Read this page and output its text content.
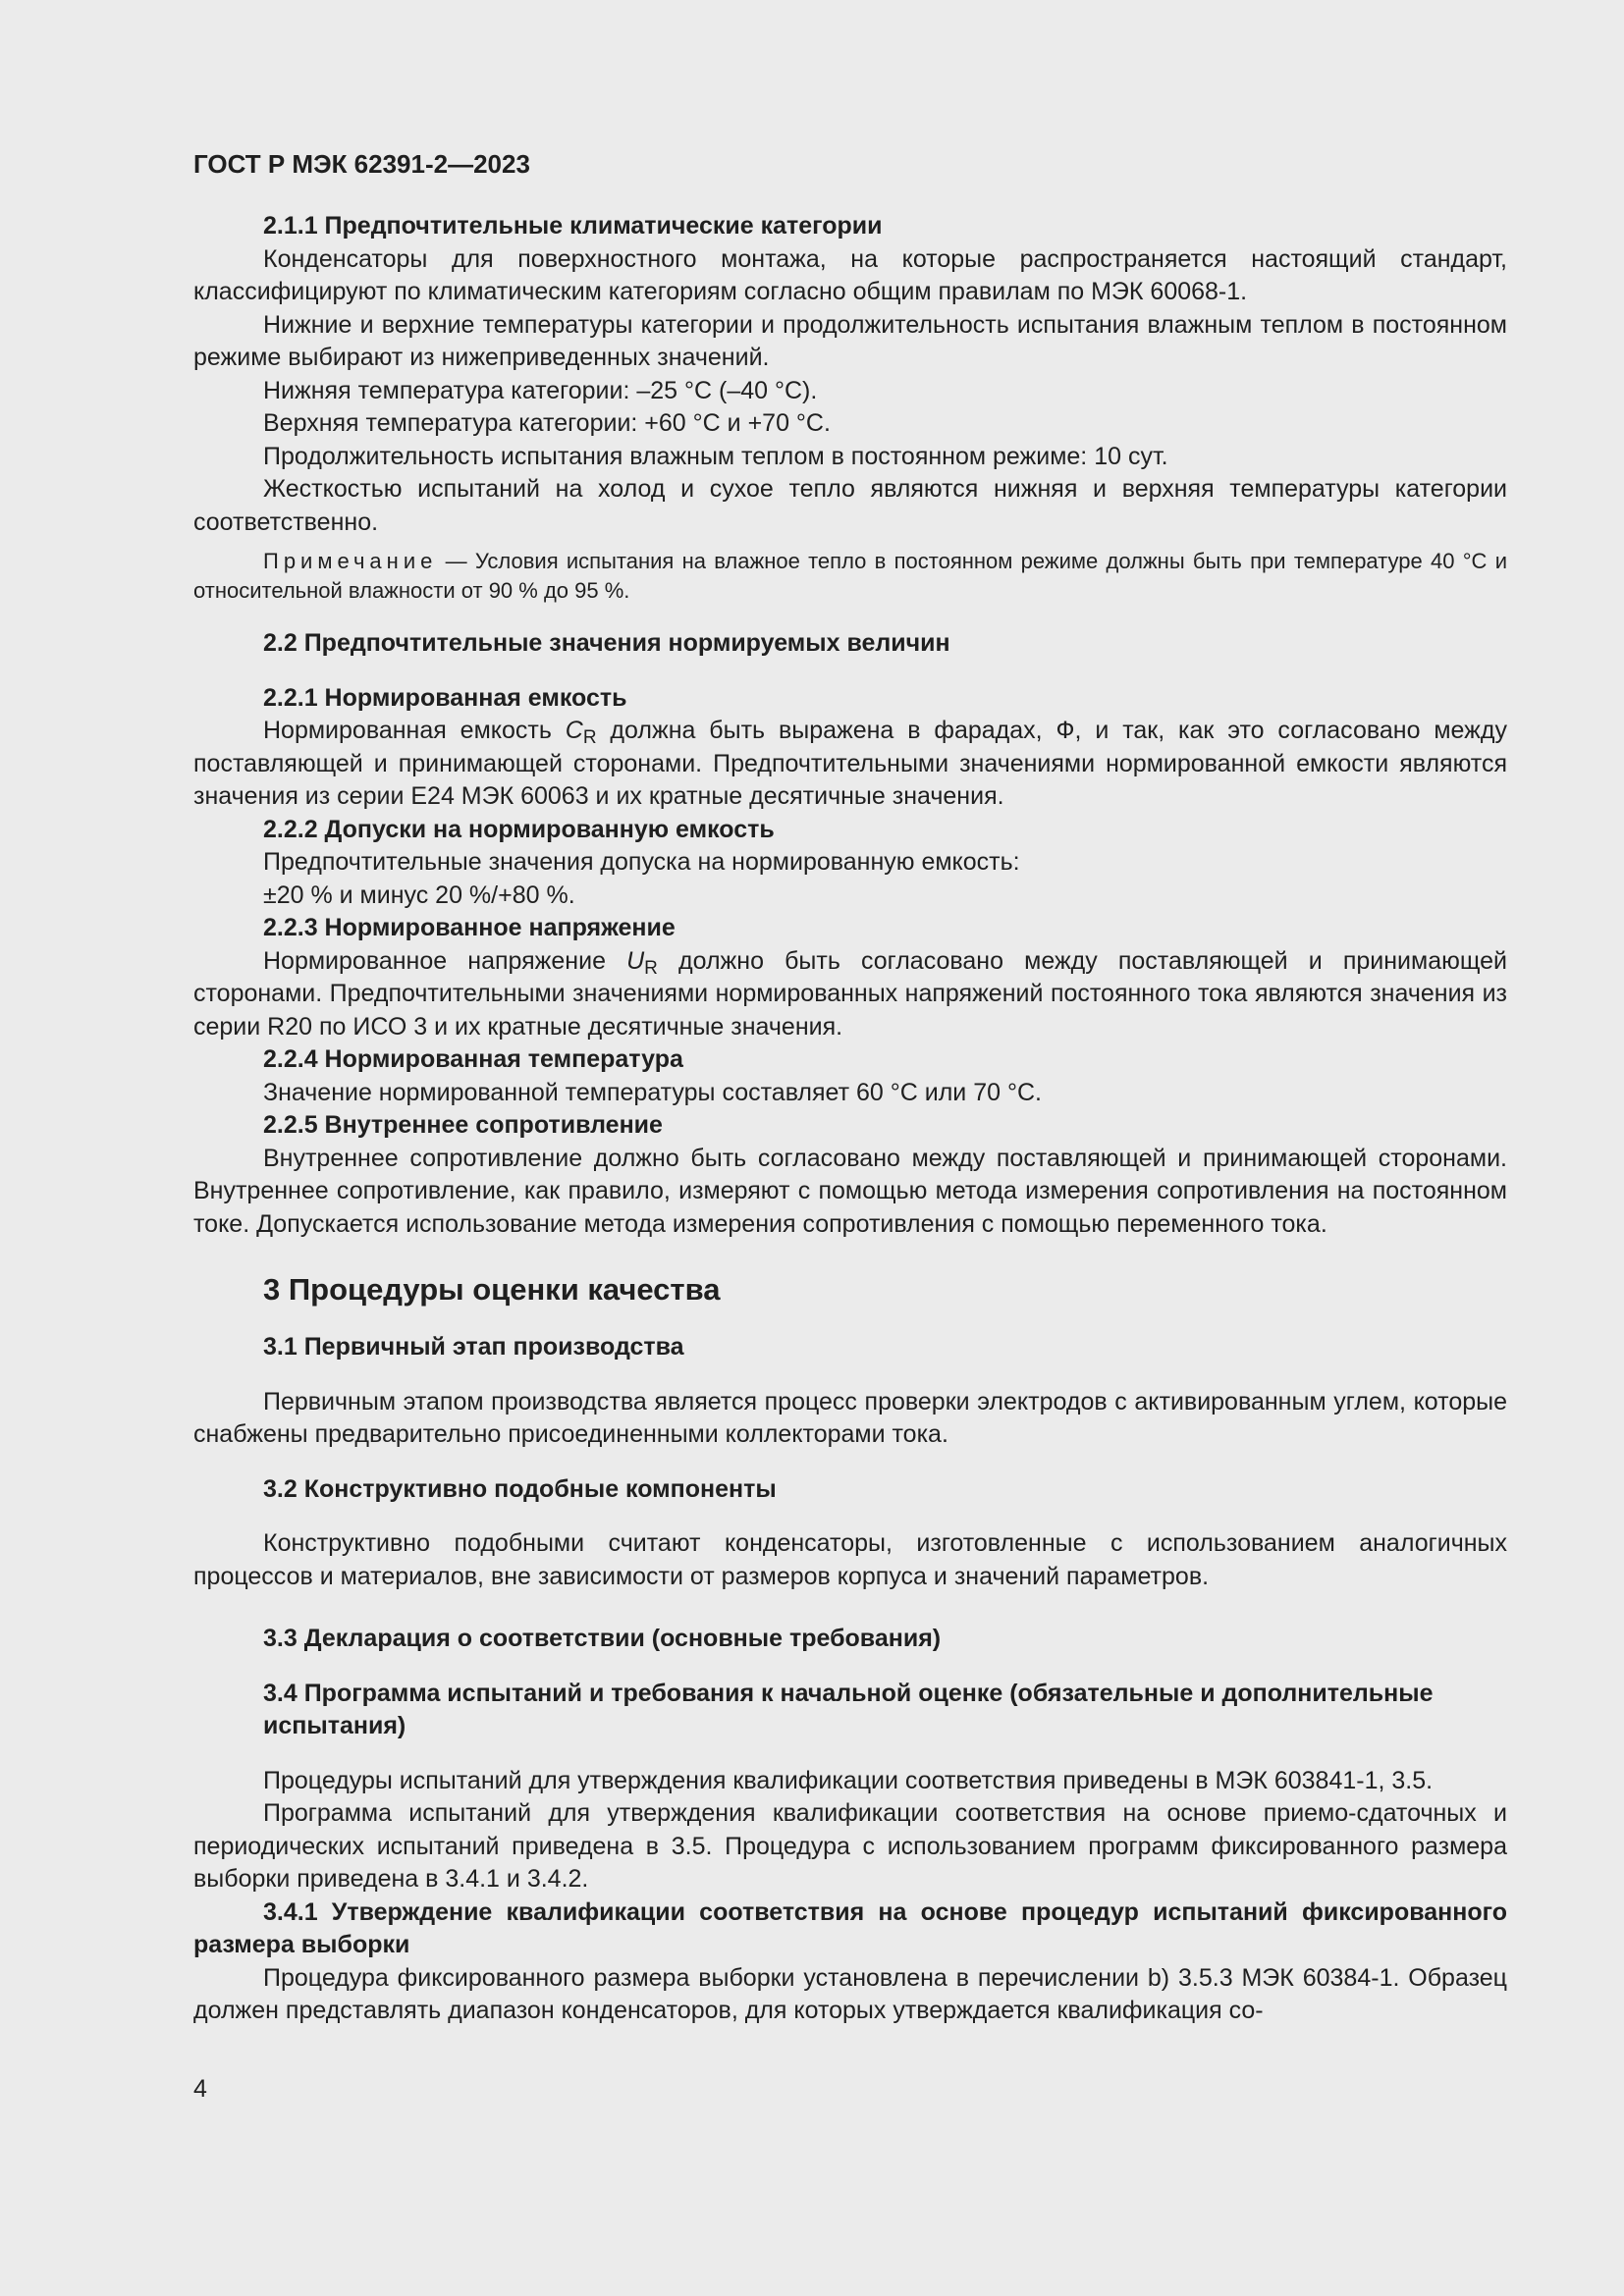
ГОСТ Р МЭК 62391-2—2023
2.1.1 Предпочтительные климатические категории

Конденсаторы для поверхностного монтажа, на которые распространяется настоящий стандарт, классифицируют по климатическим категориям согласно общим правилам по МЭК 60068-1.

Нижние и верхние температуры категории и продолжительность испытания влажным теплом в постоянном режиме выбирают из нижеприведенных значений.

Нижняя температура категории: –25 °С (–40 °С).

Верхняя температура категории: +60 °С и +70 °С.

Продолжительность испытания влажным теплом в постоянном режиме: 10 сут.

Жесткостью испытаний на холод и сухое тепло являются нижняя и верхняя температуры категории соответственно.

Примечание — Условия испытания на влажное тепло в постоянном режиме должны быть при температуре 40 °С и относительной влажности от 90 % до 95 %.
2.2 Предпочтительные значения нормируемых величин
2.2.1 Нормированная емкость

Нормированная емкость $C_R$ должна быть выражена в фарадах, Ф, и так, как это согласовано между поставляющей и принимающей сторонами. Предпочтительными значениями нормированной емкости являются значения из серии Е24 МЭК 60063 и их кратные десятичные значения.

2.2.2 Допуски на нормированную емкость

Предпочтительные значения допуска на нормированную емкость:

±20 % и минус 20 %/+80 %.

2.2.3 Нормированное напряжение

Нормированное напряжение $U_R$ должно быть согласовано между поставляющей и принимающей сторонами. Предпочтительными значениями нормированных напряжений постоянного тока являются значения из серии R20 по ИСО 3 и их кратные десятичные значения.

2.2.4 Нормированная температура

Значение нормированной температуры составляет 60 °С или 70 °С.

2.2.5 Внутреннее сопротивление

Внутреннее сопротивление должно быть согласовано между поставляющей и принимающей сторонами. Внутреннее сопротивление, как правило, измеряют с помощью метода измерения сопротивления на постоянном токе. Допускается использование метода измерения сопротивления с помощью переменного тока.

3 Процедуры оценки качества
3.1 Первичный этап производства

Первичным этапом производства является процесс проверки электродов с активированным углем, которые снабжены предварительно присоединенными коллекторами тока.

3.2 Конструктивно подобные компоненты

Конструктивно подобными считают конденсаторы, изготовленные с использованием аналогичных процессов и материалов, вне зависимости от размеров корпуса и значений параметров.

3.3 Декларация о соответствии (основные требования)
3.4 Программа испытаний и требования к начальной оценке (обязательные и дополнительные испытания)

Процедуры испытаний для утверждения квалификации соответствия приведены в МЭК 603841-1, 3.5.

Программа испытаний для утверждения квалификации соответствия на основе приемо-сдаточных и периодических испытаний приведена в 3.5. Процедура с использованием программ фиксированного размера выборки приведена в 3.4.1 и 3.4.2.

3.4.1 Утверждение квалификации соответствия на основе процедур испытаний фиксированного размера выборки

Процедура фиксированного размера выборки установлена в перечислении b) 3.5.3 МЭК 60384-1. Образец должен представлять диапазон конденсаторов, для которых утверждается квалификация со-

4
